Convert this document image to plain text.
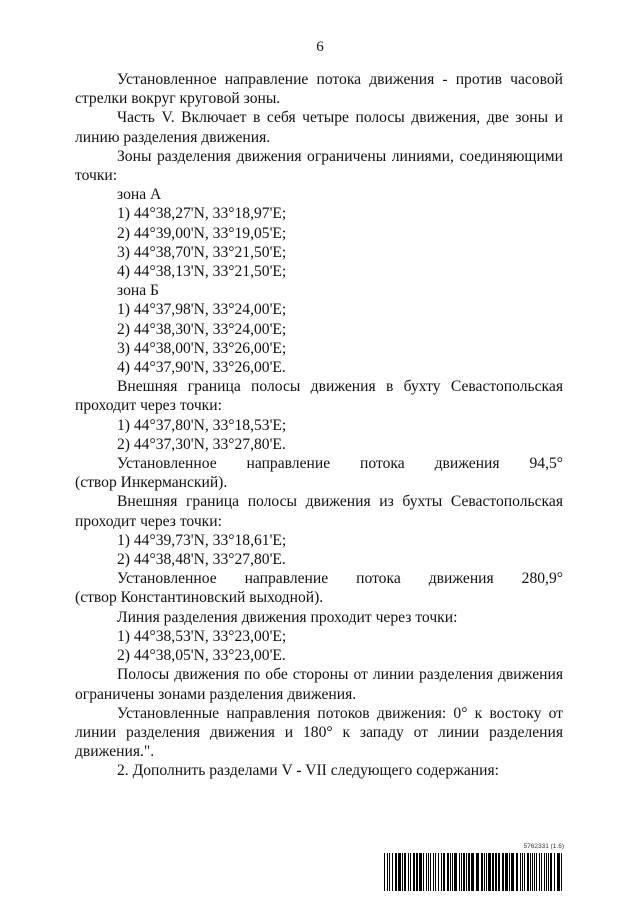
6

Установленное направление потока движения - против часовой стрелки вокруг круговой зоны.

Часть V. Включает в себя четыре полосы движения, две зоны и линию разделения движения.

Зоны разделения движения ограничены линиями, соединяющими точки:

зона А
1) 44°38,27'N, 33°18,97'E;
2) 44°39,00'N, 33°19,05'E;
3) 44°38,70'N, 33°21,50'E;
4) 44°38,13'N, 33°21,50'E;
зона Б
1) 44°37,98'N, 33°24,00'E;
2) 44°38,30'N, 33°24,00'E;
3) 44°38,00'N, 33°26,00'E;
4) 44°37,90'N, 33°26,00'E.

Внешняя граница полосы движения в бухту Севастопольская проходит через точки:

1) 44°37,80'N, 33°18,53'E;
2) 44°37,30'N, 33°27,80'E.
Установленное направление потока движения 94,5°
(створ Инкерманский).

Внешняя граница полосы движения из бухты Севастопольская проходит через точки:

1) 44°39,73'N, 33°18,61'E;
2) 44°38,48'N, 33°27,80'E.
Установленное направление потока движения 280,9°
(створ Константиновский выходной).
Линия разделения движения проходит через точки:
1) 44°38,53'N, 33°23,00'E;
2) 44°38,05'N, 33°23,00'E.

Полосы движения по обе стороны от линии разделения движения ограничены зонами разделения движения.

Установленные направления потоков движения: 0° к востоку от линии разделения движения и 180° к западу от линии разделения движения.".

2. Дополнить разделами V - VII следующего содержания:
5762331 (1.6)
